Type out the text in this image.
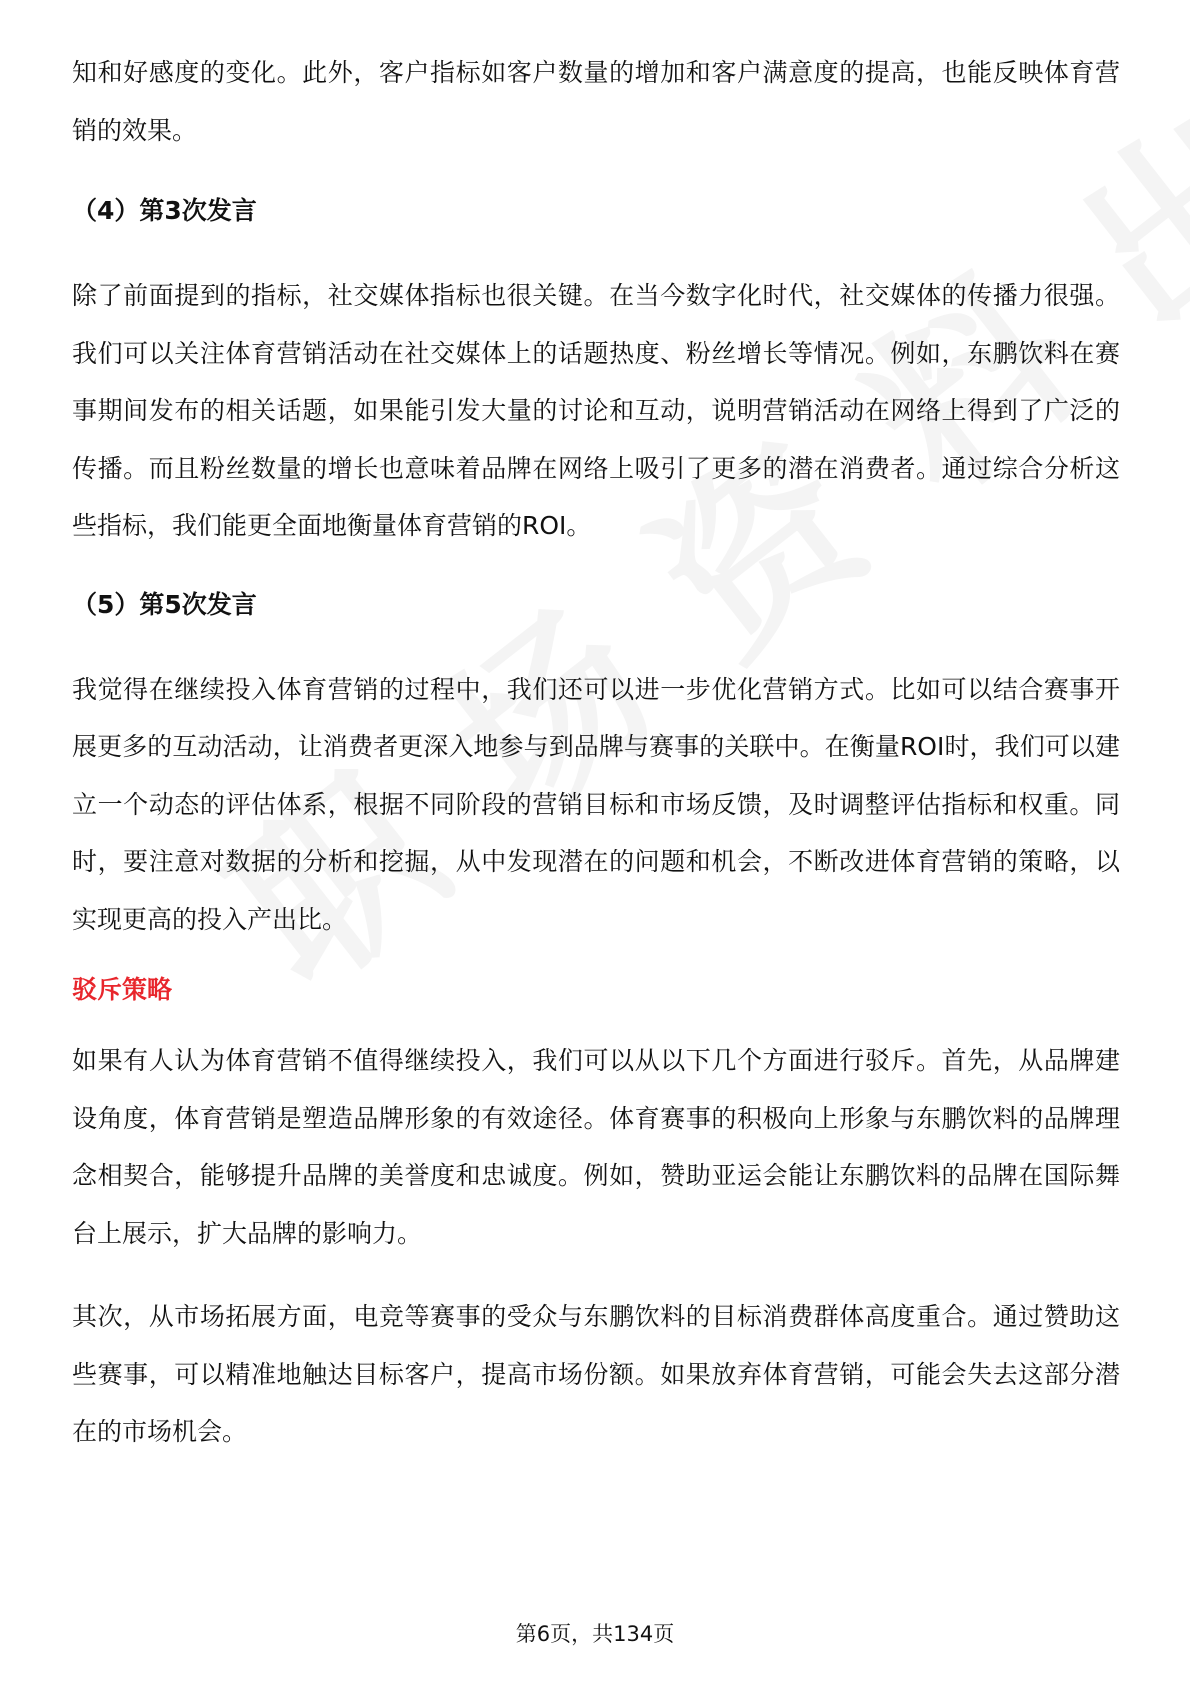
知和好感度的变化。此外，客户指标如客户数量的增加和客户满意度的提高，也能反映体育营销的效果。

（4）第3次发言

除了前面提到的指标，社交媒体指标也很关键。在当今数字化时代，社交媒体的传播力很强。我们可以关注体育营销活动在社交媒体上的话题热度、粉丝增长等情况。例如，东鹏饮料在赛事期间发布的相关话题，如果能引发大量的讨论和互动，说明营销活动在网络上得到了广泛的传播。而且粉丝数量的增长也意味着品牌在网络上吸引了更多的潜在消费者。通过综合分析这些指标，我们能更全面地衡量体育营销的ROI。

（5）第5次发言

我觉得在继续投入体育营销的过程中，我们还可以进一步优化营销方式。比如可以结合赛事开展更多的互动活动，让消费者更深入地参与到品牌与赛事的关联中。在衡量ROI时，我们可以建立一个动态的评估体系，根据不同阶段的营销目标和市场反馈，及时调整评估指标和权重。同时，要注意对数据的分析和挖掘，从中发现潜在的问题和机会，不断改进体育营销的策略，以实现更高的投入产出比。

驳斥策略

如果有人认为体育营销不值得继续投入，我们可以从以下几个方面进行驳斥。首先，从品牌建设角度，体育营销是塑造品牌形象的有效途径。体育赛事的积极向上形象与东鹏饮料的品牌理念相契合，能够提升品牌的美誉度和忠诚度。例如，赞助亚运会能让东鹏饮料的品牌在国际舞台上展示，扩大品牌的影响力。

其次，从市场拓展方面，电竞等赛事的受众与东鹏饮料的目标消费群体高度重合。通过赞助这些赛事，可以精准地触达目标客户，提高市场份额。如果放弃体育营销，可能会失去这部分潜在的市场机会。

第6页，共134页
